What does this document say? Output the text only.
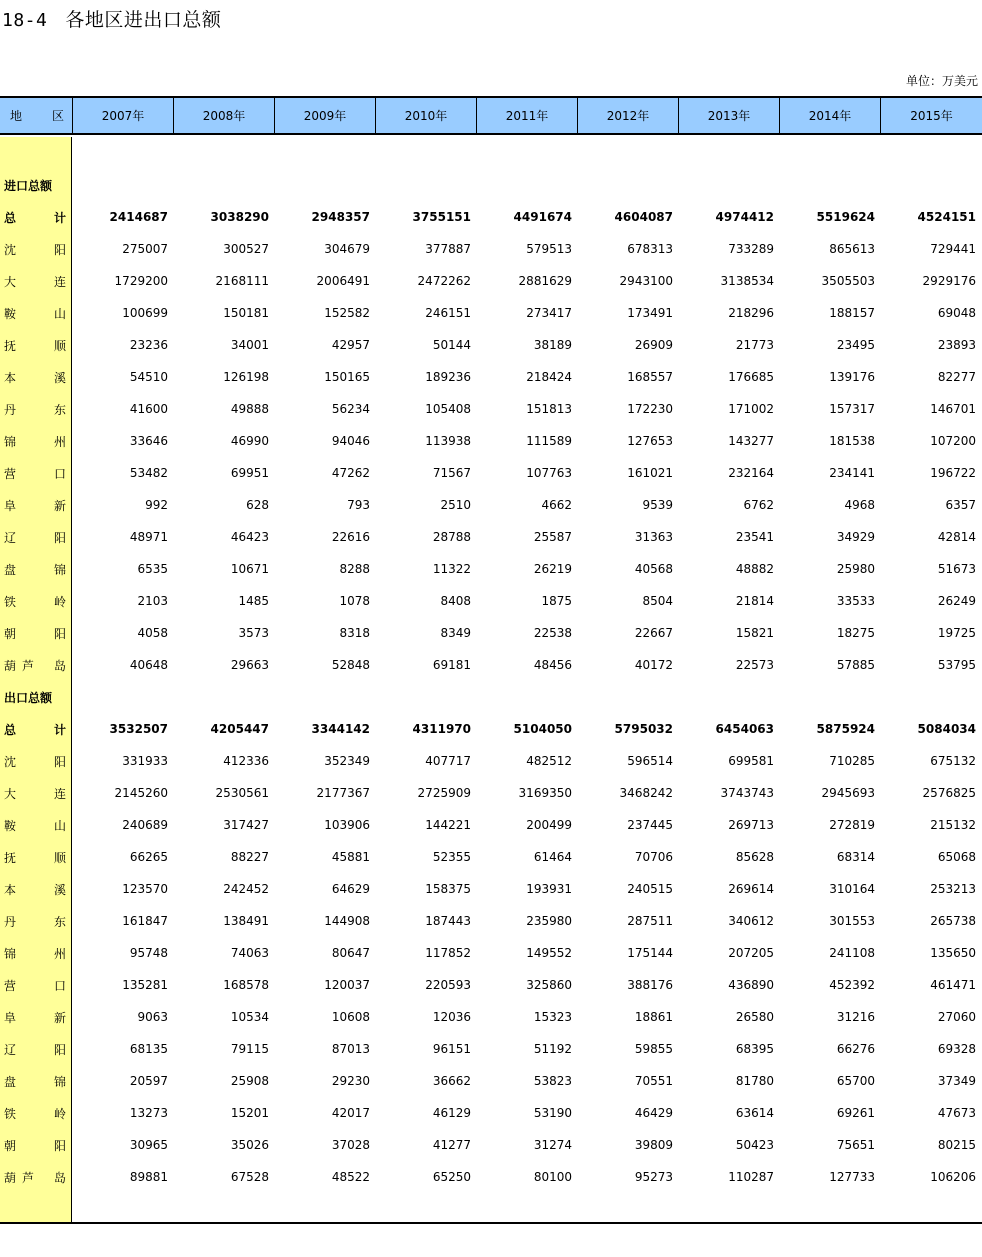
18-4 各地区进出口总额
单位：万美元
地 区	2007年	2008年	2009年	2010年	2011年	2012年	2013年	2014年	2015年
进口总额
总	计	2414687	3038290	2948357	3755151	4491674	4604087	4974412	5519624	4524151
沈	阳	275007	300527	304679	377887	579513	678313	733289	865613	729441
大	连	1729200	2168111	2006491	2472262	2881629	2943100	3138534	3505503	2929176
鞍	山	100699	150181	152582	246151	273417	173491	218296	188157	69048
抚	顺	23236	34001	42957	50144	38189	26909	21773	23495	23893
本	溪	54510	126198	150165	189236	218424	168557	176685	139176	82277
丹	东	41600	49888	56234	105408	151813	172230	171002	157317	146701
锦	州	33646	46990	94046	113938	111589	127653	143277	181538	107200
营	口	53482	69951	47262	71567	107763	161021	232164	234141	196722
阜	新	992	628	793	2510	4662	9539	6762	4968	6357
辽	阳	48971	46423	22616	28788	25587	31363	23541	34929	42814
盘	锦	6535	10671	8288	11322	26219	40568	48882	25980	51673
铁	岭	2103	1485	1078	8408	1875	8504	21814	33533	26249
朝	阳	4058	3573	8318	8349	22538	22667	15821	18275	19725
葫芦 岛	40648	29663	52848	69181	48456	40172	22573	57885	53795
出口总额
总	计	3532507	4205447	3344142	4311970	5104050	5795032	6454063	5875924	5084034
沈	阳	331933	412336	352349	407717	482512	596514	699581	710285	675132
大	连	2145260	2530561	2177367	2725909	3169350	3468242	3743743	2945693	2576825
鞍	山	240689	317427	103906	144221	200499	237445	269713	272819	215132
抚	顺	66265	88227	45881	52355	61464	70706	85628	68314	65068
本	溪	123570	242452	64629	158375	193931	240515	269614	310164	253213
丹	东	161847	138491	144908	187443	235980	287511	340612	301553	265738
锦	州	95748	74063	80647	117852	149552	175144	207205	241108	135650
营	口	135281	168578	120037	220593	325860	388176	436890	452392	461471
阜	新	9063	10534	10608	12036	15323	18861	26580	31216	27060
辽	阳	68135	79115	87013	96151	51192	59855	68395	66276	69328
盘	锦	20597	25908	29230	36662	53823	70551	81780	65700	37349
铁	岭	13273	15201	42017	46129	53190	46429	63614	69261	47673
朝	阳	30965	35026	37028	41277	31274	39809	50423	75651	80215
葫芦 岛	89881	67528	48522	65250	80100	95273	110287	127733	106206
